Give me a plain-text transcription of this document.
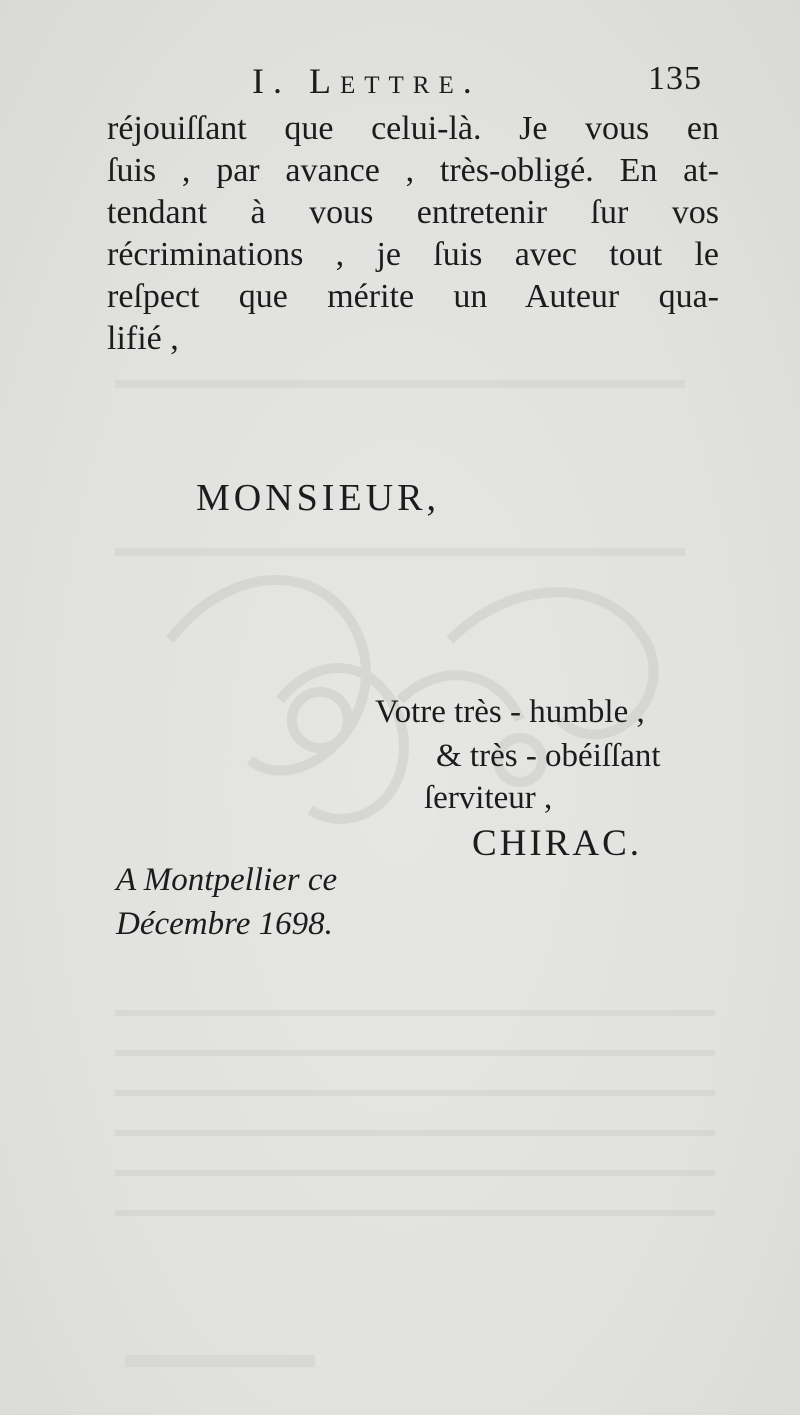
I. Lettre.	135
réjouiſſant que celui-là. Je vous en
ſuis , par avance , très-obligé. En at-
tendant à vous entretenir ſur vos
récriminations , je ſuis avec tout le
reſpect que mérite un Auteur qua-
lifié ,
MONSIEUR,
Votre très - humble ,
& très - obéiſſant
ſerviteur ,
CHIRAC.
A Montpellier ce
Décembre 1698.
